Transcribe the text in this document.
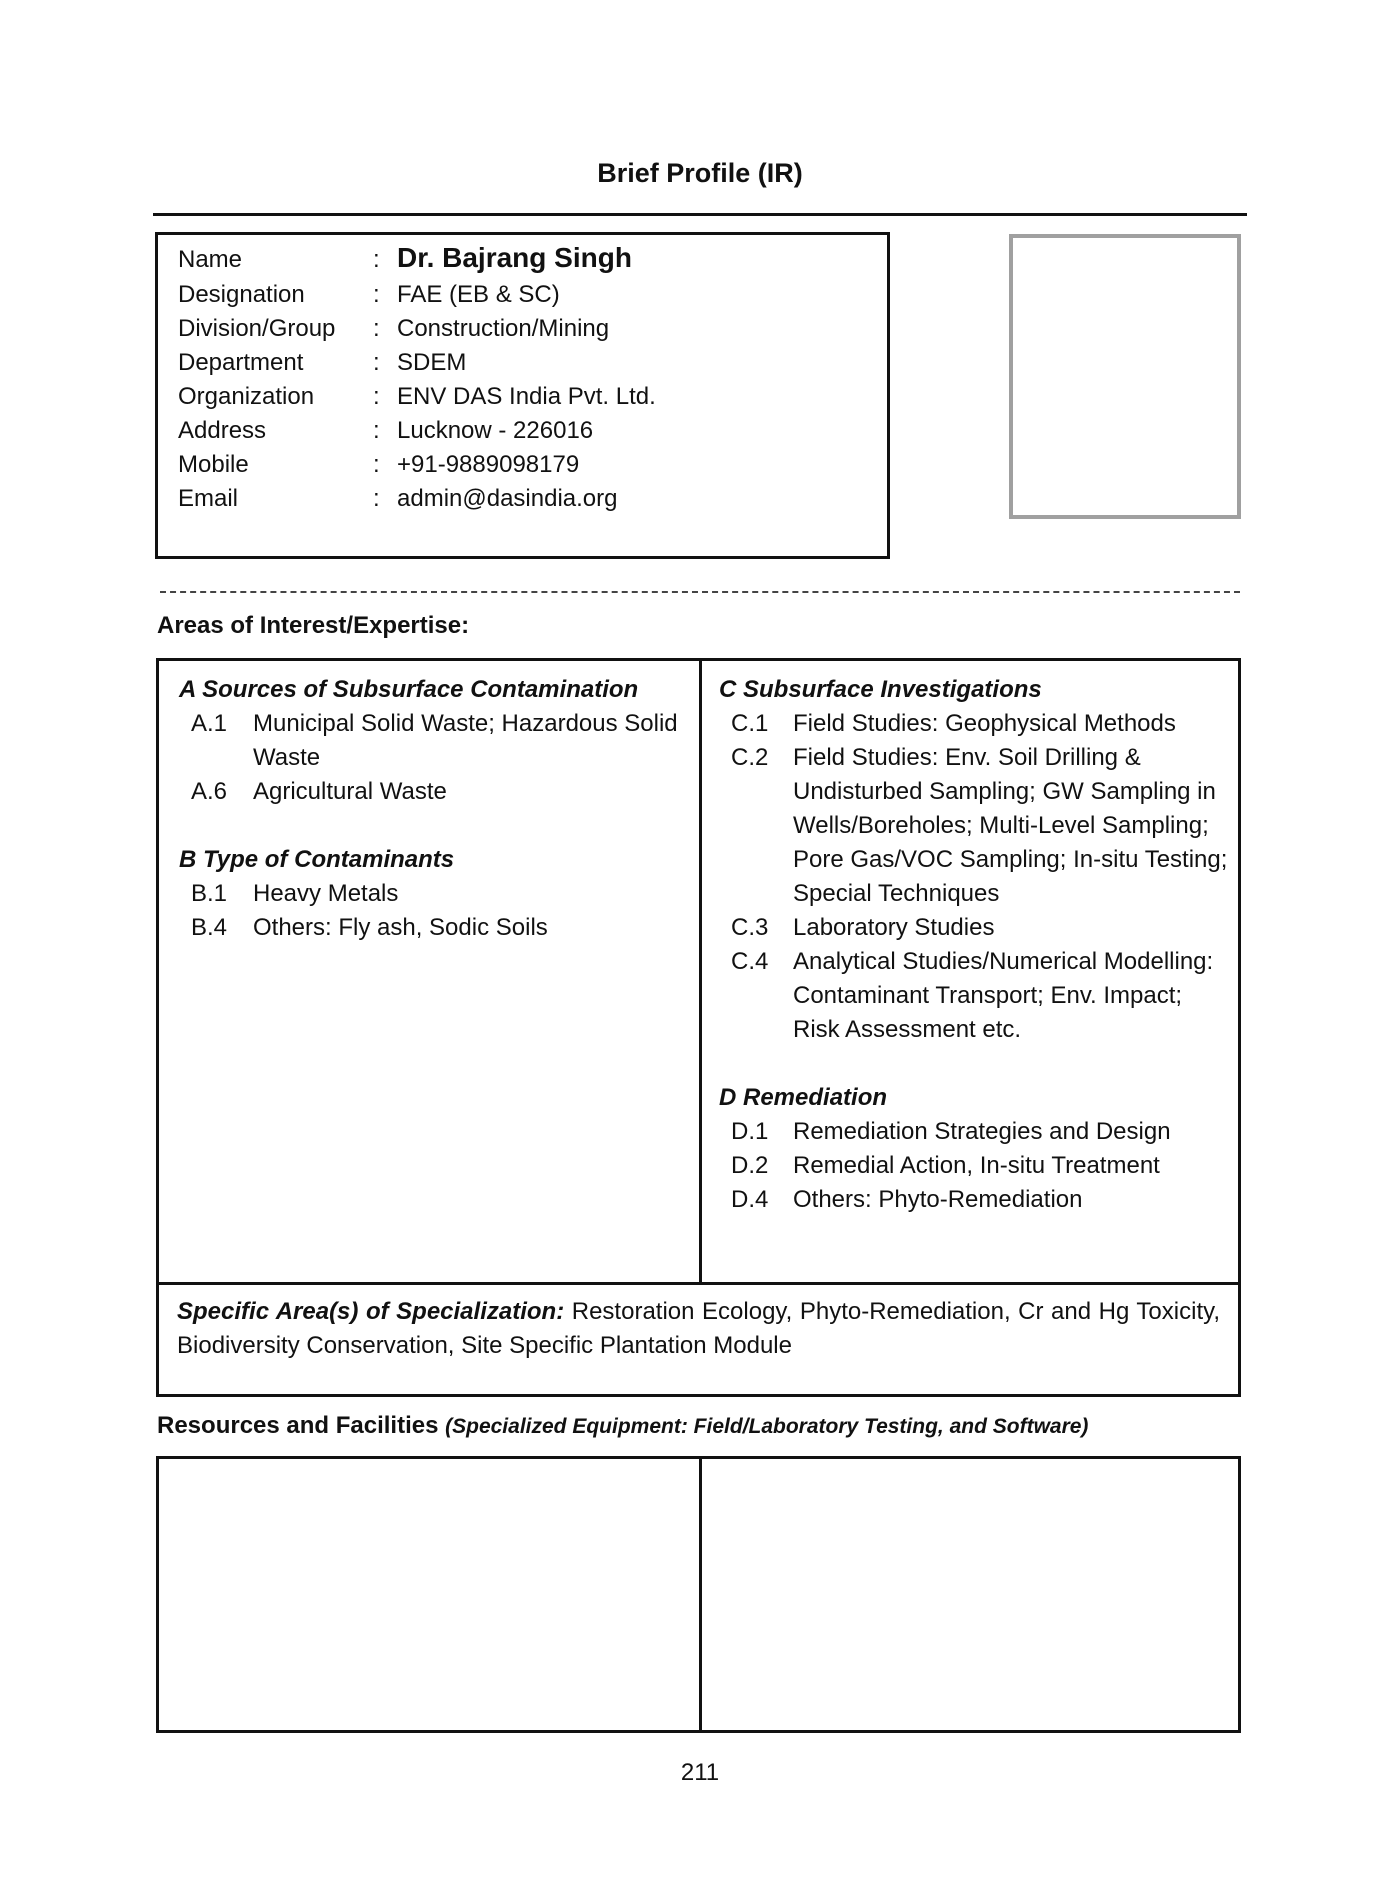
Brief Profile (IR)
Name	: Dr. Bajrang Singh
Designation	: FAE (EB & SC)
Division/Group	: Construction/Mining
Department	: SDEM
Organization	: ENV DAS India Pvt. Ltd.
Address	: Lucknow - 226016
Mobile	: +91-9889098179
Email	: admin@dasindia.org
Areas of Interest/Expertise:
A Sources of Subsurface Contamination
A.1 Municipal Solid Waste; Hazardous Solid Waste
A.6 Agricultural Waste
B Type of Contaminants
B.1 Heavy Metals
B.4 Others: Fly ash, Sodic Soils
C Subsurface Investigations
C.1 Field Studies: Geophysical Methods
C.2 Field Studies: Env. Soil Drilling & Undisturbed Sampling; GW Sampling in Wells/Boreholes; Multi-Level Sampling; Pore Gas/VOC Sampling; In-situ Testing; Special Techniques
C.3 Laboratory Studies
C.4 Analytical Studies/Numerical Modelling: Contaminant Transport; Env. Impact; Risk Assessment etc.
D Remediation
D.1 Remediation Strategies and Design
D.2 Remedial Action, In-situ Treatment
D.4 Others: Phyto-Remediation
Specific Area(s) of Specialization: Restoration Ecology, Phyto-Remediation, Cr and Hg Toxicity, Biodiversity Conservation, Site Specific Plantation Module
Resources and Facilities (Specialized Equipment: Field/Laboratory Testing, and Software)
211
